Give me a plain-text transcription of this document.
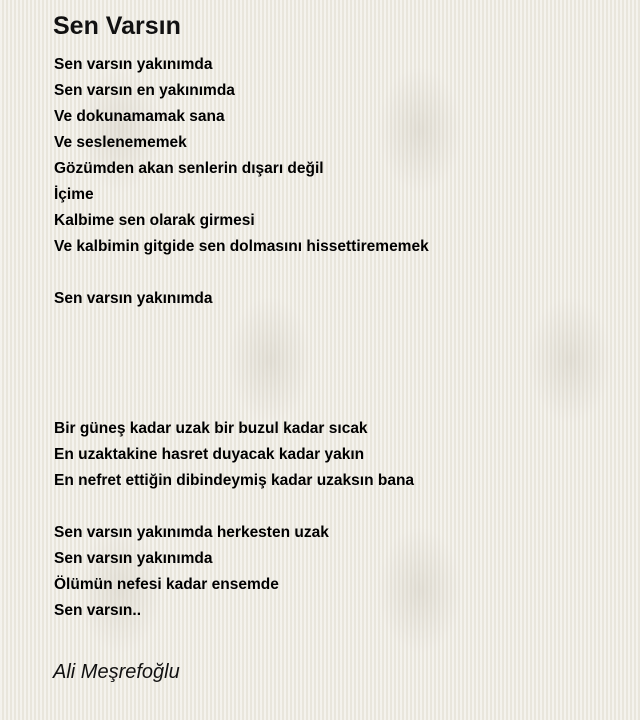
Sen Varsın
Sen varsın yakınımda
Sen varsın en yakınımda
Ve dokunamamak sana
Ve seslenememek
Gözümden akan senlerin dışarı değil
İçime
Kalbime sen olarak girmesi
Ve kalbimin gitgide sen dolmasını hissettirememek
Sen varsın yakınımda
Bir güneş kadar uzak bir buzul kadar sıcak
En uzaktakine hasret duyacak kadar yakın
En nefret ettiğin dibindeymiş kadar uzaksın bana
Sen varsın yakınımda herkesten uzak
Sen varsın yakınımda
Ölümün nefesi kadar ensemde
Sen varsın..
Ali Meşrefoğlu
